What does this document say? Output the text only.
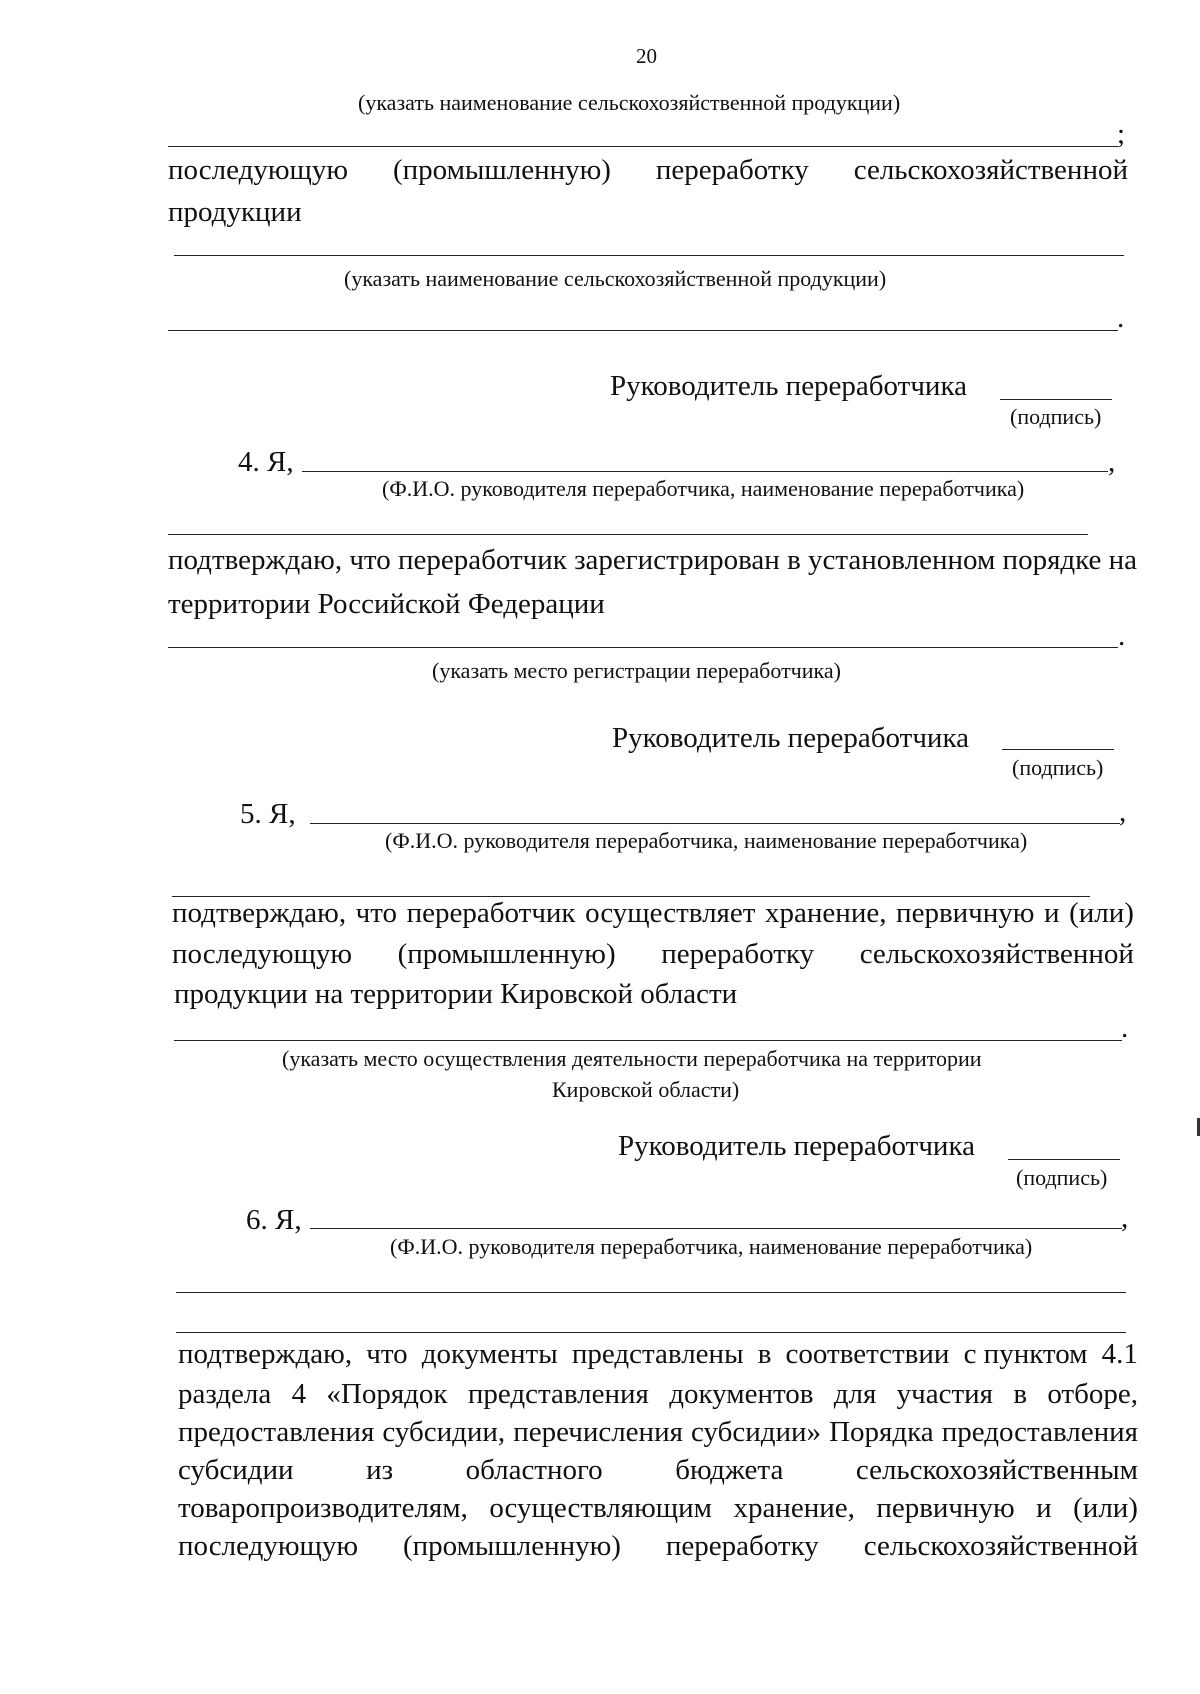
20
(указать наименование сельскохозяйственной продукции)
;
последующую (промышленную) переработку сельскохозяйственной
продукции
(указать наименование сельскохозяйственной продукции)
.
Руководитель переработчика
(подпись)
4. Я,	,
(Ф.И.О. руководителя переработчика, наименование переработчика)
подтверждаю, что переработчик зарегистрирован в установленном порядке на
территории Российской Федерации
.
(указать место регистрации переработчика)
Руководитель переработчика
(подпись)
5. Я,	,
(Ф.И.О. руководителя переработчика, наименование переработчика)
подтверждаю, что переработчик осуществляет хранение, первичную и (или)
последующую (промышленную) переработку сельскохозяйственной
продукции на территории Кировской области
.
(указать место осуществления деятельности переработчика на территории
Кировской области)
Руководитель переработчика
(подпись)
6. Я,	,
(Ф.И.О. руководителя переработчика, наименование переработчика)
подтверждаю, что документы представлены в соответствии с пунктом 4.1
раздела 4 «Порядок представления документов для участия в отборе,
предоставления субсидии, перечисления субсидии» Порядка предоставления
субсидии	из	областного	бюджета	сельскохозяйственным
товаропроизводителям, осуществляющим хранение, первичную и (или)
последующую (промышленную) переработку сельскохозяйственной
